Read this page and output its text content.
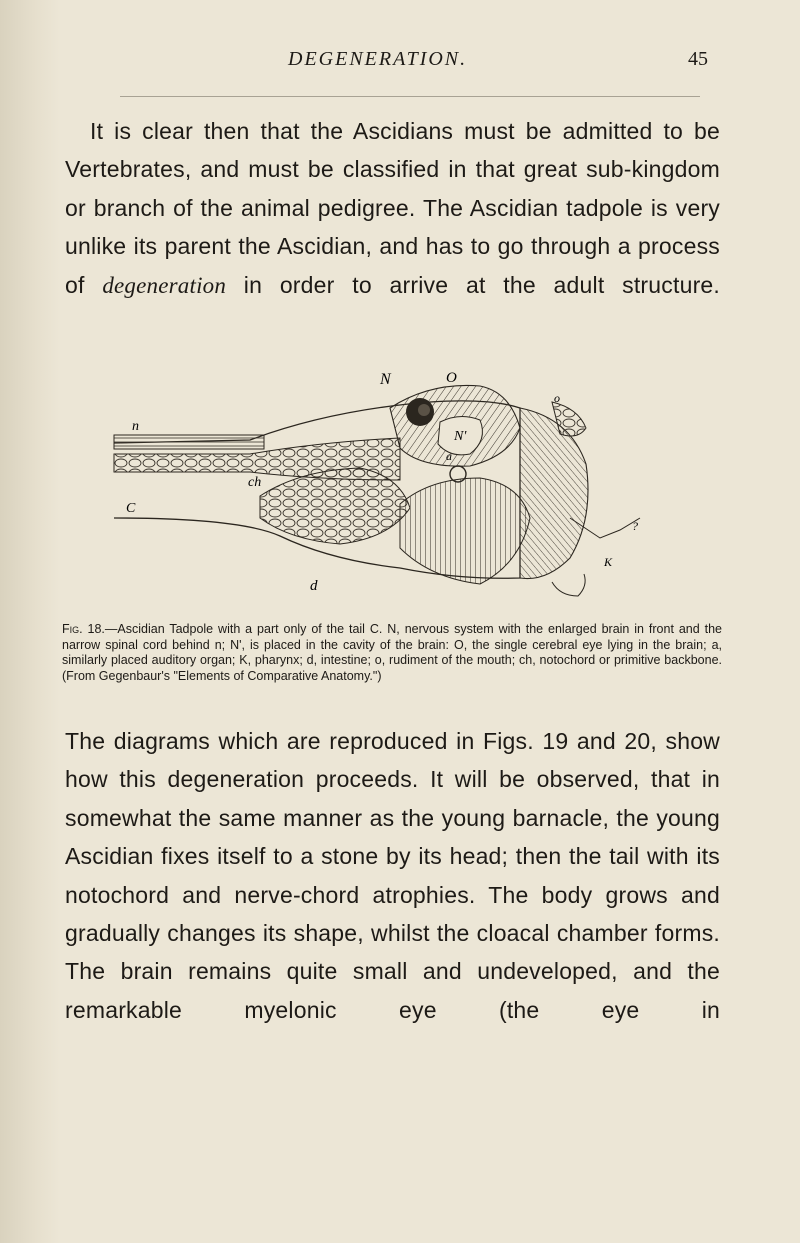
DEGENERATION.	45

It is clear then that the Ascidians must be admitted to be Vertebrates, and must be classified in that great sub-kingdom or branch of the animal pedigree. The Ascidian tadpole is very unlike its parent the Ascidian, and has to go through a process of degeneration in order to arrive at the adult structure.

N	O
n
o
ch
N'
a
C
d
K
?

Fig. 18.—Ascidian Tadpole with a part only of the tail C. N, nervous system with the enlarged brain in front and the narrow spinal cord behind n; N', is placed in the cavity of the brain: O, the single cerebral eye lying in the brain; a, similarly placed auditory organ; K, pharynx; d, intestine; o, rudiment of the mouth; ch, notochord or primitive backbone. (From Gegenbaur's "Elements of Comparative Anatomy.")

The diagrams which are reproduced in Figs. 19 and 20, show how this degeneration proceeds. It will be observed, that in somewhat the same manner as the young barnacle, the young Ascidian fixes itself to a stone by its head; then the tail with its notochord and nerve-chord atrophies. The body grows and gradually changes its shape, whilst the cloacal chamber forms. The brain remains quite small and undeveloped, and the remarkable myelonic eye (the eye in
